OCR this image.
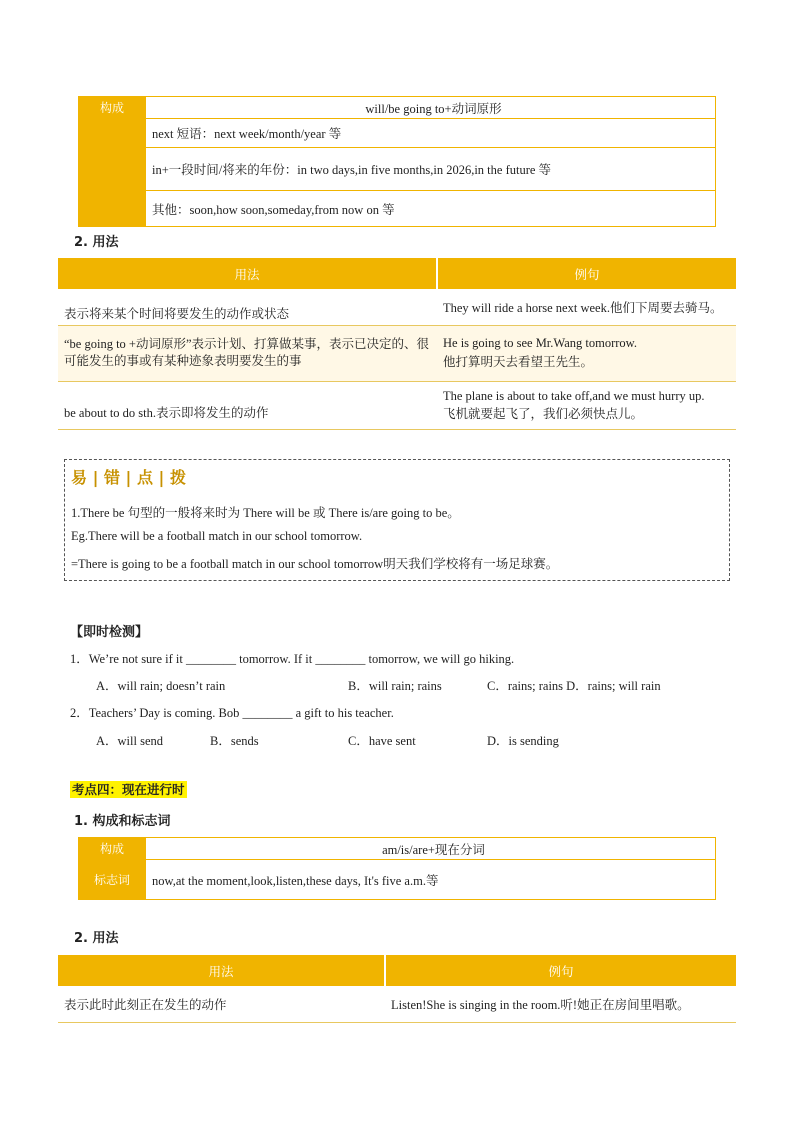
构成	will/be going to+动词原形
	next 短语：next week/month/year 等
	in+一段时间/将来的年份：in two days,in five months,in 2026,in the future 等
	其他：soon,how soon,someday,from now on 等
2. 用法
用法	例句
表示将来某个时间将要发生的动作或状态	They will ride a horse next week.他们下周要去骑马。
“be going to +动词原形”表示计划、打算做某事，表示已决定的、很可能发生的事或有某种迹象表明要发生的事	He is going to see Mr.Wang tomorrow.
他打算明天去看望王先生。
be about to do sth.表示即将发生的动作	The plane is about to take off,and we must hurry up.
飞机就要起飞了，我们必须快点儿。
易 | 错 | 点 | 拨
1.There be 句型的一般将来时为 There will be 或 There is/are going to be。
Eg.There will be a football match in our school tomorrow.
=There is going to be a football match in our school tomorrow明天我们学校将有一场足球赛。
【即时检测】
1．We’re not sure if it ________ tomorrow. If it ________ tomorrow, we will go hiking.
A．will rain; doesn’t rain	B．will rain; rains	C．rains; rains D．rains; will rain
2．Teachers’ Day is coming. Bob ________ a gift to his teacher.
A．will send	B．sends	C．have sent	D．is sending
考点四：现在进行时
1. 构成和标志词
构成	am/is/are+现在分词
标志词	now,at the moment,look,listen,these days, It's five a.m.等
2. 用法
用法	例句
表示此时此刻正在发生的动作	Listen!She is singing in the room.听!她正在房间里唱歌。
